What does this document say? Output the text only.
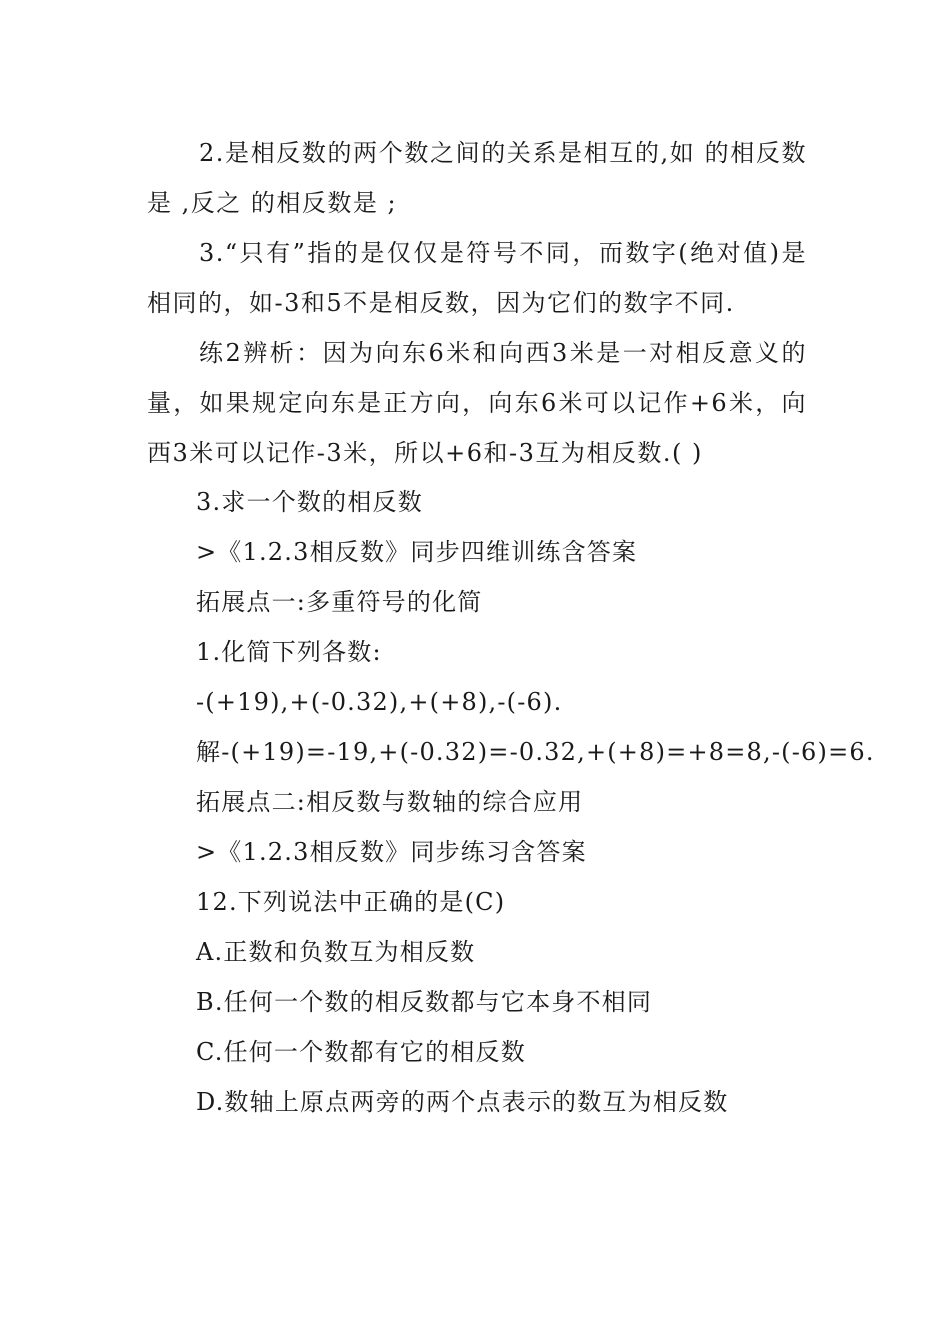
2.是相反数的两个数之间的关系是相互的,如 的相反数是 ,反之 的相反数是 ;

3.“只有”指的是仅仅是符号不同，而数字(绝对值)是相同的，如-3和5不是相反数，因为它们的数字不同.

练2辨析：因为向东6米和向西3米是一对相反意义的量，如果规定向东是正方向，向东6米可以记作+6米，向西3米可以记作-3米，所以+6和-3互为相反数.( )

3.求一个数的相反数

>《1.2.3相反数》同步四维训练含答案

拓展点一:多重符号的化简

1.化简下列各数:

-(+19),+(-0.32),+(+8),-(-6).

解-(+19)=-19,+(-0.32)=-0.32,+(+8)=+8=8,-(-6)=6.

拓展点二:相反数与数轴的综合应用

>《1.2.3相反数》同步练习含答案

12.下列说法中正确的是(C)

A.正数和负数互为相反数

B.任何一个数的相反数都与它本身不相同

C.任何一个数都有它的相反数

D.数轴上原点两旁的两个点表示的数互为相反数
